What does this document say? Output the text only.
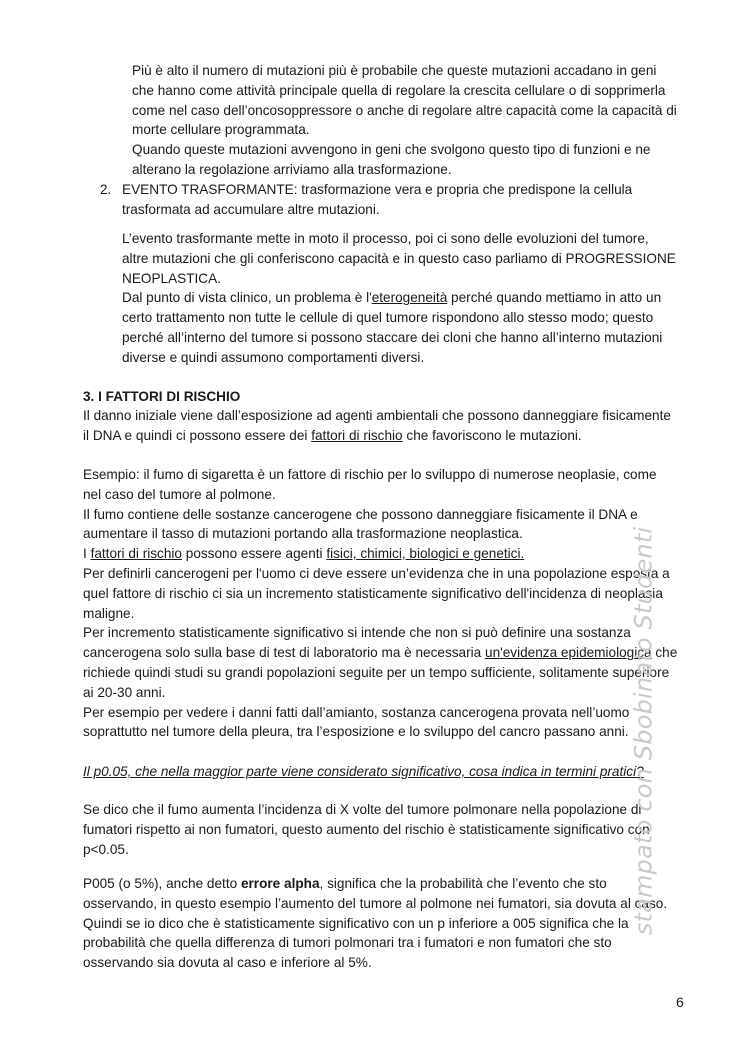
Più è alto il numero di mutazioni più è probabile che queste mutazioni accadano in geni
che hanno come attività principale quella di regolare la crescita cellulare o di sopprimerla
come nel caso dell’oncosoppressore o anche di regolare altre capacità come la capacità di
morte cellulare programmata.
Quando queste mutazioni avvengono in geni che svolgono questo tipo di funzioni e ne
alterano la regolazione arriviamo alla trasformazione.
2. EVENTO TRASFORMANTE: trasformazione vera e propria che predispone la cellula
trasformata ad accumulare altre mutazioni.
L’evento trasformante mette in moto il processo, poi ci sono delle evoluzioni del tumore,
altre mutazioni che gli conferiscono capacità e in questo caso parliamo di PROGRESSIONE
NEOPLASTICA.
Dal punto di vista clinico, un problema è l'eterogeneità perché quando mettiamo in atto un
certo trattamento non tutte le cellule di quel tumore rispondono allo stesso modo; questo
perché all’interno del tumore si possono staccare dei cloni che hanno all’interno mutazioni
diverse e quindi assumono comportamenti diversi.
3. I FATTORI DI RISCHIO
Il danno iniziale viene dall’esposizione ad agenti ambientali che possono danneggiare fisicamente
il DNA e quindi ci possono essere dei fattori di rischio che favoriscono le mutazioni.
Esempio: il fumo di sigaretta è un fattore di rischio per lo sviluppo di numerose neoplasie, come
nel caso del tumore al polmone.
Il fumo contiene delle sostanze cancerogene che possono danneggiare fisicamente il DNA e
aumentare il tasso di mutazioni portando alla trasformazione neoplastica.
I fattori di rischio possono essere agenti fisici, chimici, biologici e genetici.
Per definirli cancerogeni per l'uomo ci deve essere un’evidenza che in una popolazione esposta a
quel fattore di rischio ci sia un incremento statisticamente significativo dell'incidenza di neoplasia
maligne.
Per incremento statisticamente significativo si intende che non si può definire una sostanza
cancerogena solo sulla base di test di laboratorio ma è necessaria un'evidenza epidemiologica che
richiede quindi studi su grandi popolazioni seguite per un tempo sufficiente, solitamente superiore
ai 20-30 anni.
Per esempio per vedere i danni fatti dall’amianto, sostanza cancerogena provata nell’uomo
soprattutto nel tumore della pleura, tra l’esposizione e lo sviluppo del cancro passano anni.
Il p0.05, che nella maggior parte viene considerato significativo, cosa indica in termini pratici?
Se dico che il fumo aumenta l’incidenza di X volte del tumore polmonare nella popolazione di
fumatori rispetto ai non fumatori, questo aumento del rischio è statisticamente significativo con
p<0.05.
P005 (o 5%), anche detto errore alpha, significa che la probabilità che l’evento che sto
osservando, in questo esempio l’aumento del tumore al polmone nei fumatori, sia dovuta al caso.
Quindi se io dico che è statisticamente significativo con un p inferiore a 005 significa che la
probabilità che quella differenza di tumori polmonari tra i fumatori e non fumatori che sto
osservando sia dovuta al caso e inferiore al 5%.
stampato con Sbobinato Studenti
6
